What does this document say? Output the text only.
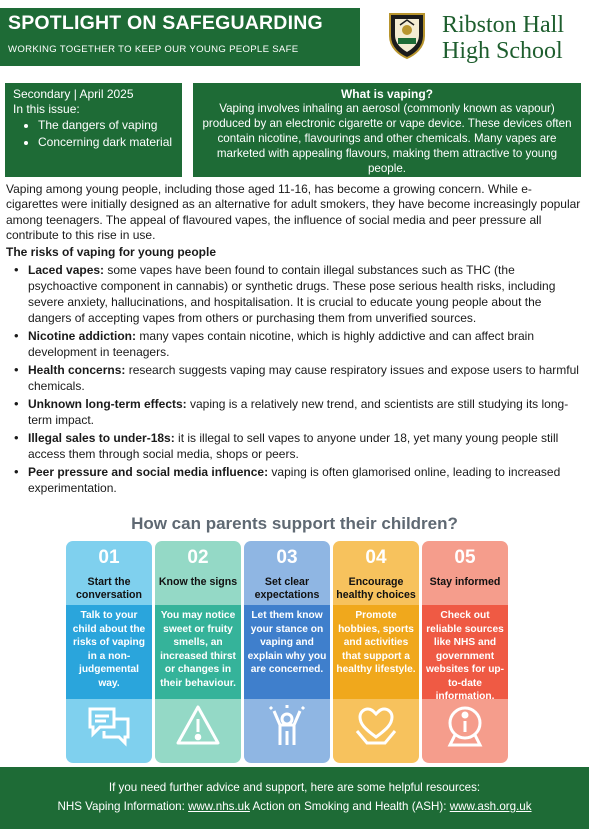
SPOTLIGHT ON SAFEGUARDING
WORKING TOGETHER TO KEEP OUR YOUNG PEOPLE SAFE
Ribston Hall
High School
Secondary | April 2025
In this issue:
• The dangers of vaping
• Concerning dark material
What is vaping?
Vaping involves inhaling an aerosol (commonly known as vapour) produced by an electronic cigarette or vape device. These devices often contain nicotine, flavourings and other chemicals. Many vapes are marketed with appealing flavours, making them attractive to young people.

Vaping among young people, including those aged 11-16, has become a growing concern. While e-cigarettes were initially designed as an alternative for adult smokers, they have become increasingly popular among teenagers. The appeal of flavoured vapes, the influence of social media and peer pressure all contribute to this rise in use.

The risks of vaping for young people
• Laced vapes: some vapes have been found to contain illegal substances such as THC (the psychoactive component in cannabis) or synthetic drugs. These pose serious health risks, including severe anxiety, hallucinations, and hospitalisation. It is crucial to educate young people about the dangers of accepting vapes from others or purchasing them from unverified sources.
• Nicotine addiction: many vapes contain nicotine, which is highly addictive and can affect brain development in teenagers.
• Health concerns: research suggests vaping may cause respiratory issues and expose users to harmful chemicals.
• Unknown long-term effects: vaping is a relatively new trend, and scientists are still studying its long-term impact.
• Illegal sales to under-18s: it is illegal to sell vapes to anyone under 18, yet many young people still access them through social media, shops or peers.
• Peer pressure and social media influence: vaping is often glamorised online, leading to increased experimentation.
How can parents support their children?
01
Start the conversation
Talk to your child about the risks of vaping in a non-judgemental way.
02
Know the signs
You may notice sweet or fruity smells, an increased thirst or changes in their behaviour.
03
Set clear expectations
Let them know your stance on vaping and explain why you are concerned.
04
Encourage healthy choices
Promote hobbies, sports and activities that support a healthy lifestyle.
05
Stay informed
Check out reliable sources like NHS and government websites for up-to-date information.
If you need further advice and support, here are some helpful resources:
NHS Vaping Information: www.nhs.uk Action on Smoking and Health (ASH): www.ash.org.uk
